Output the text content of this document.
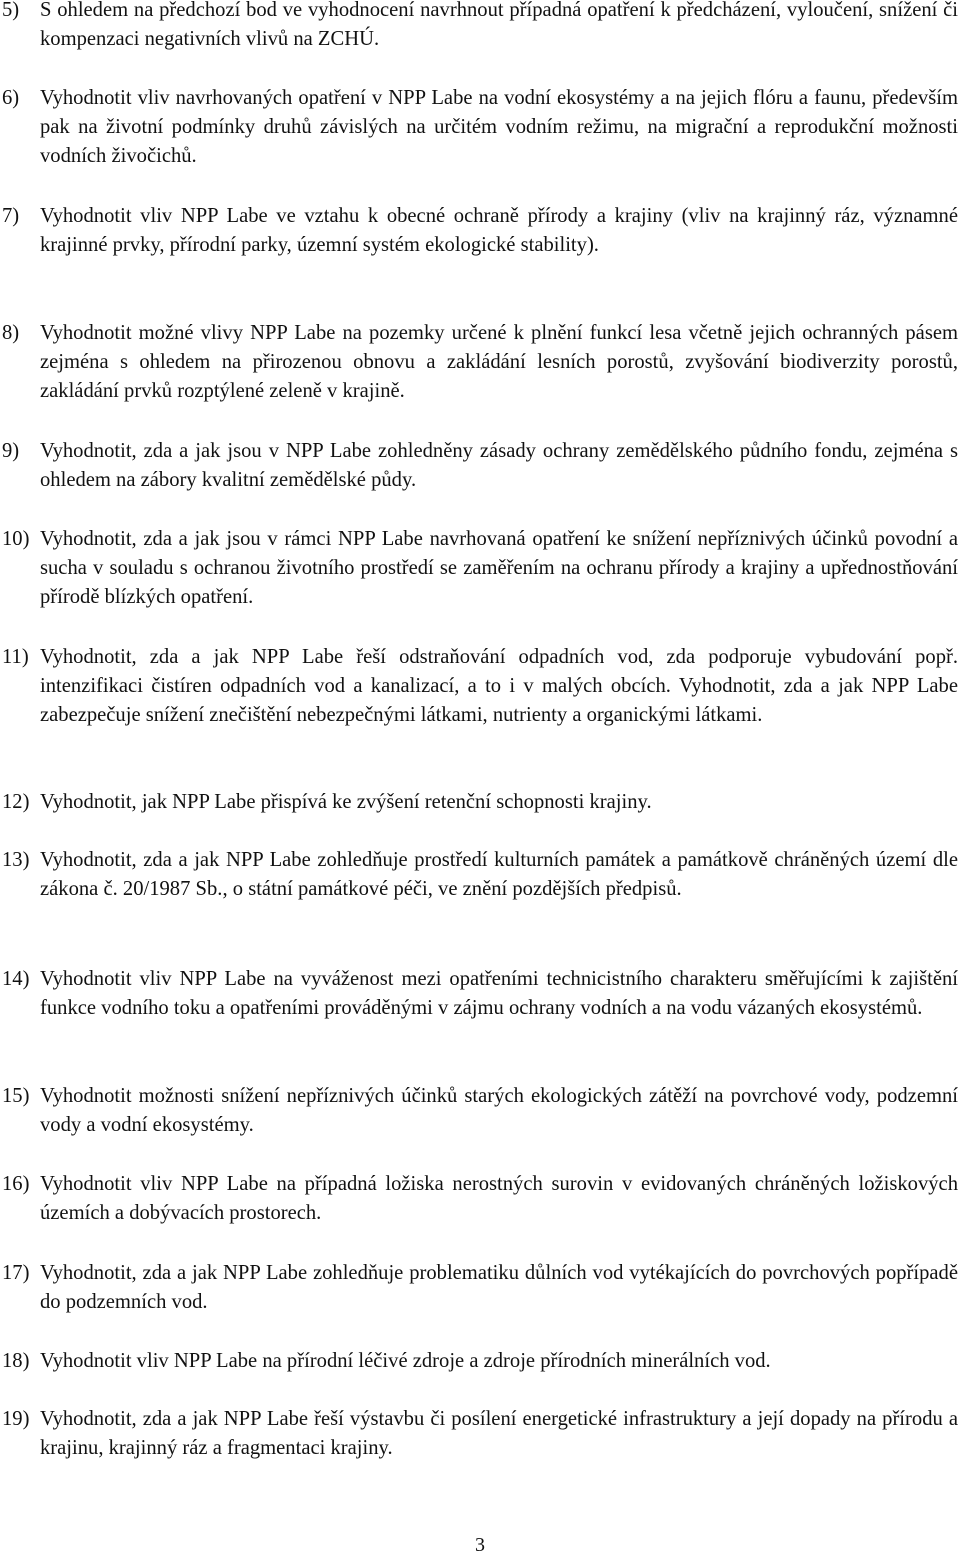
5)	S ohledem na předchozí bod ve vyhodnocení navrhnout případná opatření k předcházení, vyloučení, snížení či kompenzaci negativních vlivů na ZCHÚ.
6)	Vyhodnotit vliv navrhovaných opatření v NPP Labe na vodní ekosystémy a na jejich flóru a faunu, především pak na životní podmínky druhů závislých na určitém vodním režimu, na migrační a reprodukční možnosti vodních živočichů.
7)	Vyhodnotit vliv NPP Labe ve vztahu k obecné ochraně přírody a krajiny (vliv na krajinný ráz, významné krajinné prvky, přírodní parky, územní systém ekologické stability).
8)	Vyhodnotit možné vlivy NPP Labe na pozemky určené k plnění funkcí lesa včetně jejich ochranných pásem zejména s ohledem na přirozenou obnovu a zakládání lesních porostů, zvyšování biodiverzity porostů, zakládání prvků rozptýlené zeleně v krajině.
9)	Vyhodnotit, zda a jak jsou v NPP Labe zohledněny zásady ochrany zemědělského půdního fondu, zejména s ohledem na zábory kvalitní zemědělské půdy.
10) Vyhodnotit, zda a jak jsou v rámci NPP Labe navrhovaná opatření ke snížení nepříznivých účinků povodní a sucha v souladu s ochranou životního prostředí se zaměřením na ochranu přírody a krajiny a upřednostňování přírodě blízkých opatření.
11) Vyhodnotit, zda a jak NPP Labe řeší odstraňování odpadních vod, zda podporuje vybudování popř. intenzifikaci čistíren odpadních vod a kanalizací, a to i v malých obcích. Vyhodnotit, zda a jak NPP Labe zabezpečuje snížení znečištění nebezpečnými látkami, nutrienty a organickými látkami.
12) Vyhodnotit, jak NPP Labe přispívá ke zvýšení retenční schopnosti krajiny.
13) Vyhodnotit, zda a jak NPP Labe zohledňuje prostředí kulturních památek a památkově chráněných území dle zákona č. 20/1987 Sb., o státní památkové péči, ve znění pozdějších předpisů.
14) Vyhodnotit vliv NPP Labe na vyváženost mezi opatřeními technicistního charakteru směřujícími k zajištění funkce vodního toku a opatřeními prováděnými v zájmu ochrany vodních a na vodu vázaných ekosystémů.
15) Vyhodnotit možnosti snížení nepříznivých účinků starých ekologických zátěží na povrchové vody, podzemní vody a vodní ekosystémy.
16) Vyhodnotit vliv NPP Labe na případná ložiska nerostných surovin v evidovaných chráněných ložiskových územích a dobývacích prostorech.
17) Vyhodnotit, zda a jak NPP Labe zohledňuje problematiku důlních vod vytékajících do povrchových popřípadě do podzemních vod.
18) Vyhodnotit vliv NPP Labe na přírodní léčivé zdroje a zdroje přírodních minerálních vod.
19) Vyhodnotit, zda a jak NPP Labe řeší výstavbu či posílení energetické infrastruktury a její dopady na přírodu a krajinu, krajinný ráz a fragmentaci krajiny.
3
